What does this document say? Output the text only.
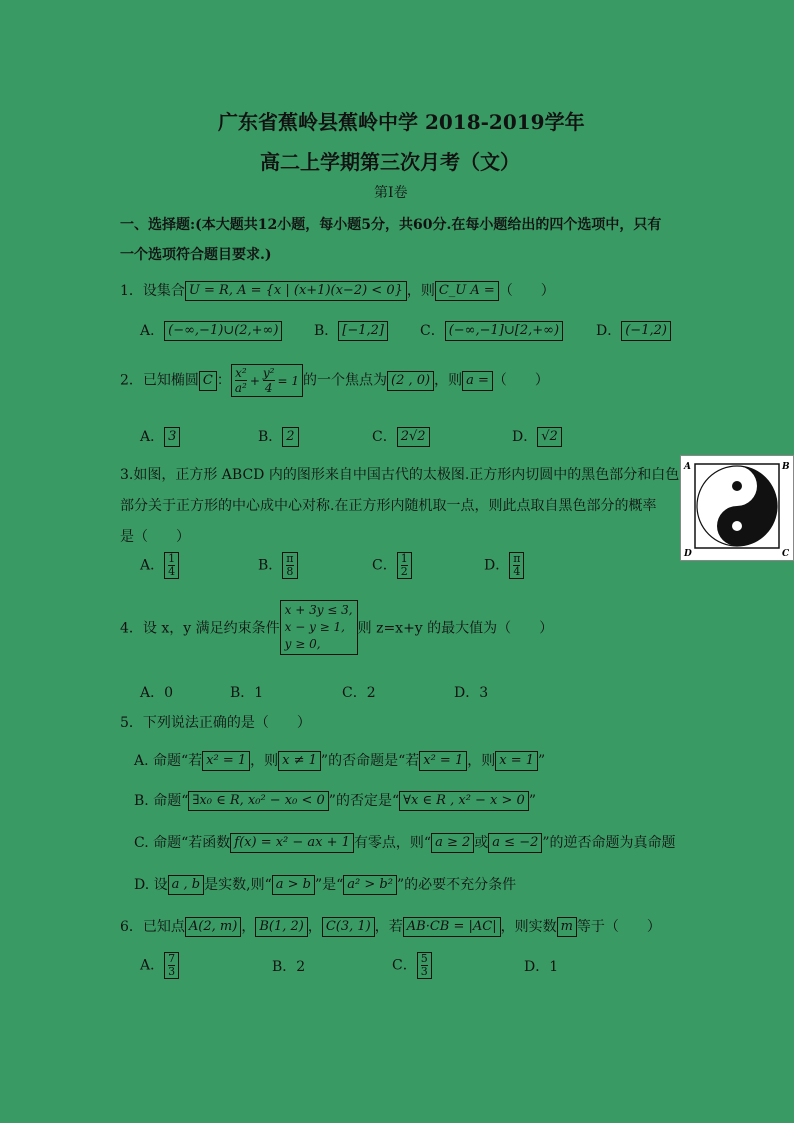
广东省蕉岭县蕉岭中学 2018-2019学年
高二上学期第三次月考（文）
第Ⅰ卷
一、选择题:(本大题共12小题，每小题5分，共60分.在每小题给出的四个选项中，只有
一个选项符合题目要求.)
1．设集合 U = R, A = {x | (x+1)(x−2) < 0} ，则 C_U A = （　　）
A． (−∞,−1)∪(2,+∞)	B． [−1,2]	C． (−∞,−1]∪[2,+∞)	D． (−1,2)
2．已知椭圆 C ： x²
a²
+
y²
4
= 1 的一个焦点为 (2 , 0) ，则 a = （　　）
A． 3	B． 2	C． 2√2	D． √2
3.如图，正方形 ABCD 内的图形来自中国古代的太极图.正方形内切圆中的黑色部分和白色
部分关于正方形的中心成中心对称.在正方形内随机取一点，则此点取自黑色部分的概率
是（　　）
A	B
C
D
A． $\frac{1}{4}$	B． $\frac{\pi}{8}$	C． $\frac{1}{2}$	D． $\frac{\pi}{4}$
4．设 x，y 满足约束条件x + 3y ≤ 3,
x − y ≥ 1,
y ≥ 0,则 z=x+y 的最大值为（　　）
A．0	B．1	C．2	D．3
5．下列说法正确的是（　　）
A. 命题“若 x² = 1 ，则 x ≠ 1 ”的否命题是“若 x² = 1 ，则 x = 1 ”
B. 命题“ ∃x₀ ∈ R, x₀² − x₀ < 0 ”的否定是“ ∀x ∈ R , x² − x > 0 ”
C. 命题“若函数 f(x) = x² − ax + 1 有零点，则“ a ≥ 2 或 a ≤ −2 ”的逆否命题为真命题
D. 设 a , b 是实数,则“ a > b ”是“ a² > b² ”的必要不充分条件
6．已知点 A(2, m) ， B(1, 2) ， C(3, 1) ，若 AB·CB = |AC| ，则实数 m 等于（　　）
A． $\frac{7}{3}$	B．2	C． $\frac{5}{3}$	D．1
